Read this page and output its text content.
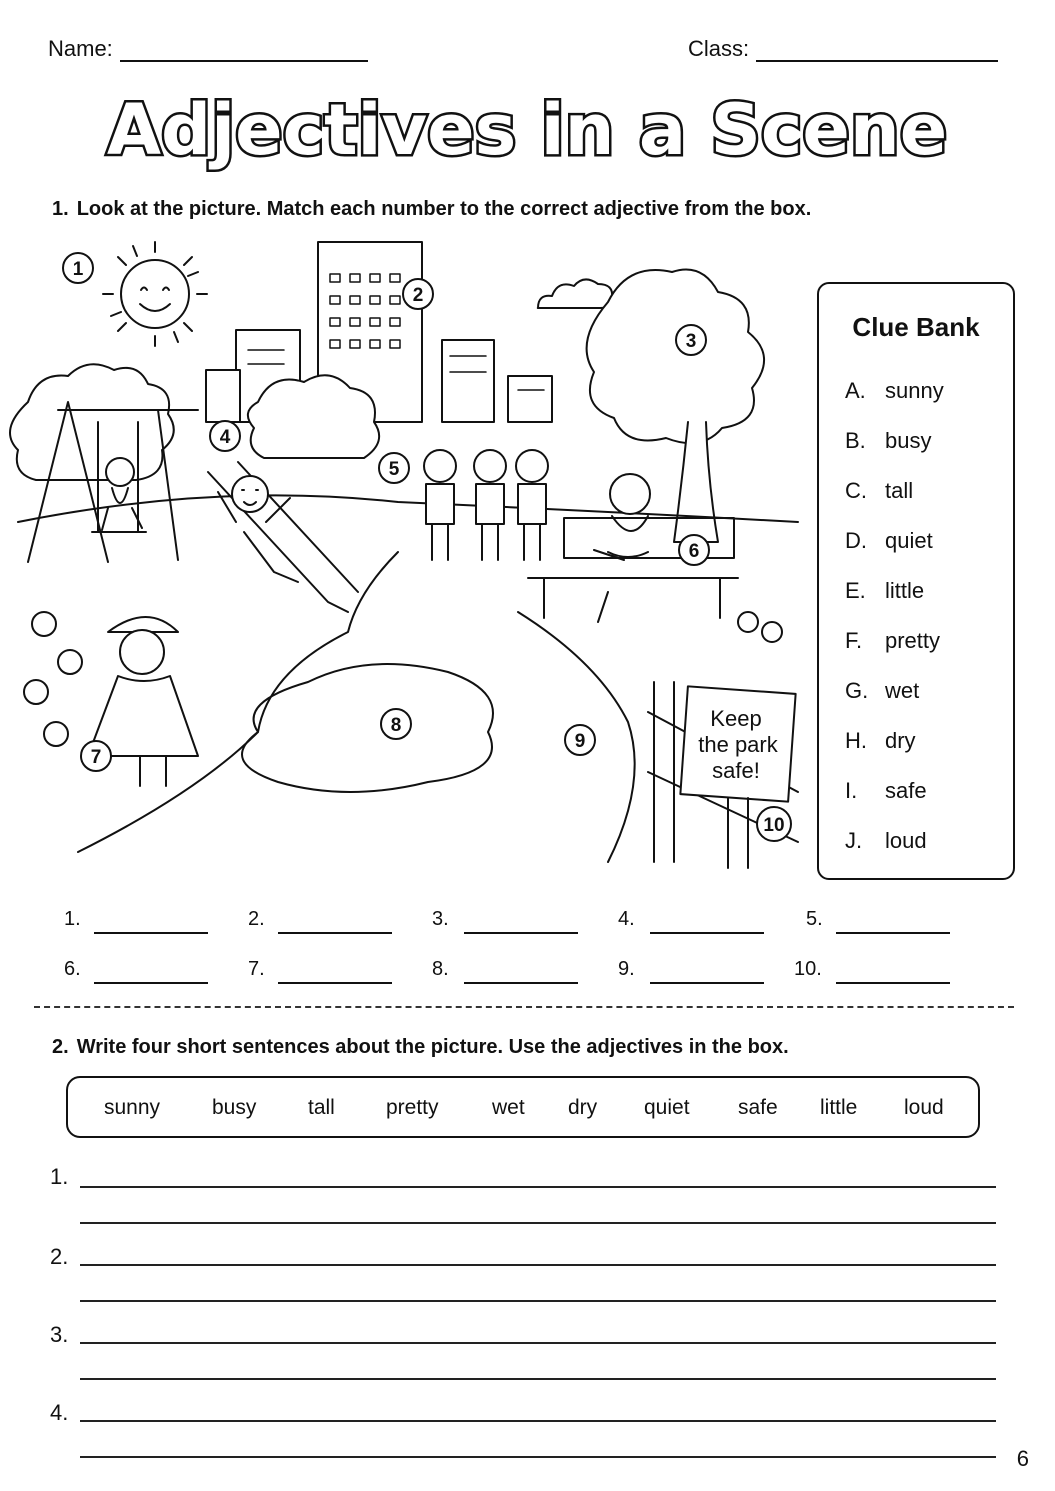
Name:	Class:
Adjectives in a Scene
1. Look at the picture. Match each number to the correct adjective from the box.
Keep
the park
safe!
1
2
3
4
5
6
7
8
9
10
Clue Bank
A. sunny
B. busy
C. tall
D. quiet
E. little
F. pretty
G. wet
H. dry
I. safe
J. loud
1.	2.	3.	4.	5.
6.	7.	8.	9.	10.
2. Write four short sentences about the picture. Use the adjectives in the box.
sunny busy tall pretty	wet dry quiet safe little loud
1.
2.
3.
4.
6
